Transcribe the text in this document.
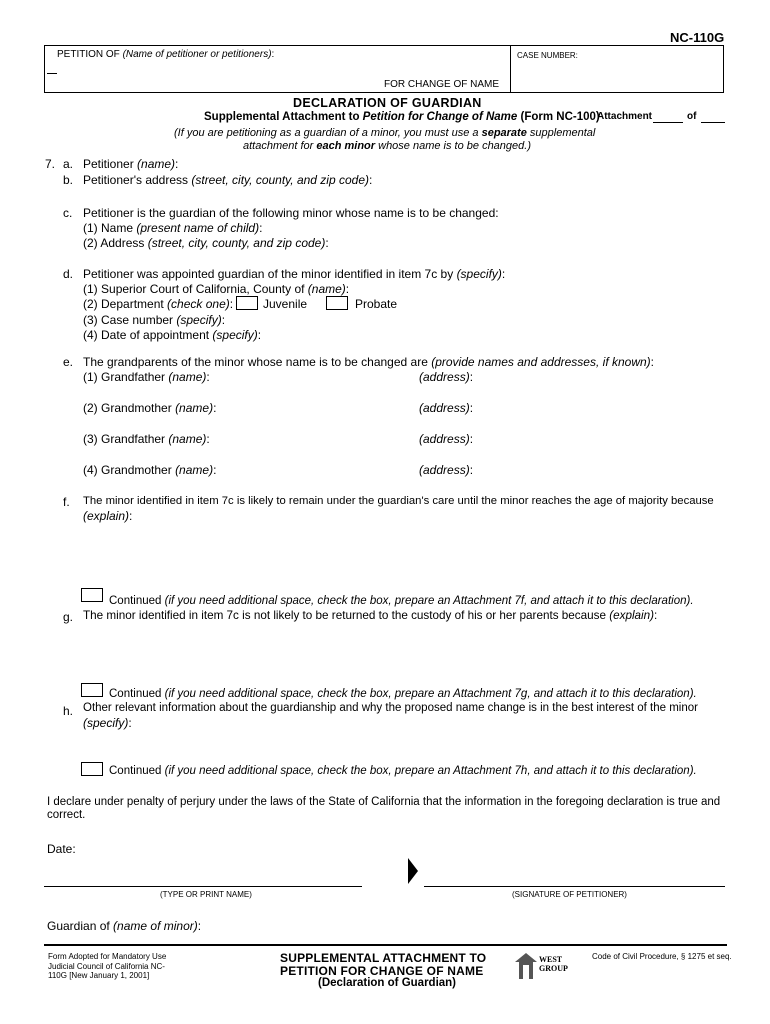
NC-110G
PETITION OF (Name of petitioner or petitioners):	CASE NUMBER:
FOR CHANGE OF NAME
DECLARATION OF GUARDIAN
Supplemental Attachment to Petition for Change of Name (Form NC-100)
Attachment	of
(If you are petitioning as a guardian of a minor, you must use a separate supplemental
attachment for each minor whose name is to be changed.)
7. a. Petitioner (name):
b. Petitioner's address (street, city, county, and zip code):
c. Petitioner is the guardian of the following minor whose name is to be changed:
(1) Name (present name of child):
(2) Address (street, city, county, and zip code):
d. Petitioner was appointed guardian of the minor identified in item 7c by (specify):
(1) Superior Court of California, County of (name):
(2) Department (check one): Juvenile	Probate
(3) Case number (specify):
(4) Date of appointment (specify):
e. The grandparents of the minor whose name is to be changed are (provide names and addresses, if known):
(1) Grandfather (name):	(address):
(2) Grandmother (name):	(address):
(3) Grandfather (name):	(address):
(4) Grandmother (name):	(address):
f. The minor identified in item 7c is likely to remain under the guardian's care until the minor reaches the age of majority because
(explain):
Continued (if you need additional space, check the box, prepare an Attachment 7f, and attach it to this declaration).
g. The minor identified in item 7c is not likely to be returned to the custody of his or her parents because (explain):
Continued (if you need additional space, check the box, prepare an Attachment 7g, and attach it to this declaration).
h. Other relevant information about the guardianship and why the proposed name change is in the best interest of the minor
(specify):
Continued (if you need additional space, check the box, prepare an Attachment 7h, and attach it to this declaration).
I declare under penalty of perjury under the laws of the State of California that the information in the foregoing declaration is true and
correct.
Date:
(TYPE OR PRINT NAME)	(SIGNATURE OF PETITIONER)
Guardian of (name of minor):
Form Adopted for Mandatory Use
Judicial Council of California NC-
110G [New January 1, 2001]
SUPPLEMENTAL ATTACHMENT TO
PETITION FOR CHANGE OF NAME
(Declaration of Guardian)
WEST
GROUP
Code of Civil Procedure, § 1275 et seq.
